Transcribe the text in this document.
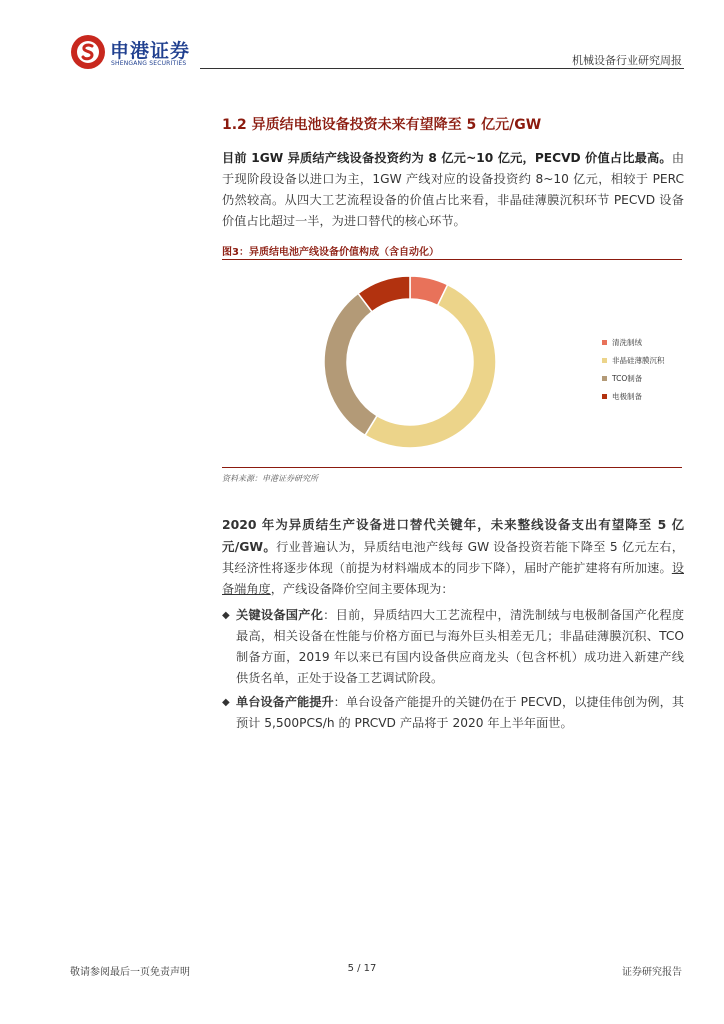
申港证券
SHENGANG SECURITIES	机械设备行业研究周报
1.2 异质结电池设备投资未来有望降至 5 亿元/GW
目前 1GW 异质结产线设备投资约为 8 亿元~10 亿元，PECVD 价值占比最高。由于现阶段设备以进口为主，1GW 产线对应的设备投资约 8~10 亿元，相较于 PERC 仍然较高。从四大工艺流程设备的价值占比来看，非晶硅薄膜沉积环节 PECVD 设备价值占比超过一半，为进口替代的核心环节。
图3：异质结电池产线设备价值构成（含自动化）
清洗制绒
非晶硅薄膜沉积
TCO制备
电极制备
资料来源：申港证券研究所
2020 年为异质结生产设备进口替代关键年，未来整线设备支出有望降至 5 亿元/GW。行业普遍认为，异质结电池产线每 GW 设备投资若能下降至 5 亿元左右，其经济性将逐步体现（前提为材料端成本的同步下降），届时产能扩建将有所加速。设备端角度，产线设备降价空间主要体现为：
◆ 关键设备国产化：目前，异质结四大工艺流程中，清洗制绒与电极制备国产化程度最高，相关设备在性能与价格方面已与海外巨头相差无几；非晶硅薄膜沉积、TCO 制备方面，2019 年以来已有国内设备供应商龙头（包含杯机）成功进入新建产线供货名单，正处于设备工艺调试阶段。
◆ 单台设备产能提升：单台设备产能提升的关键仍在于 PECVD，以捷佳伟创为例，其预计 5,500PCS/h 的 PRCVD 产品将于 2020 年上半年面世。
敬请参阅最后一页免责声明	5 / 17	证券研究报告
